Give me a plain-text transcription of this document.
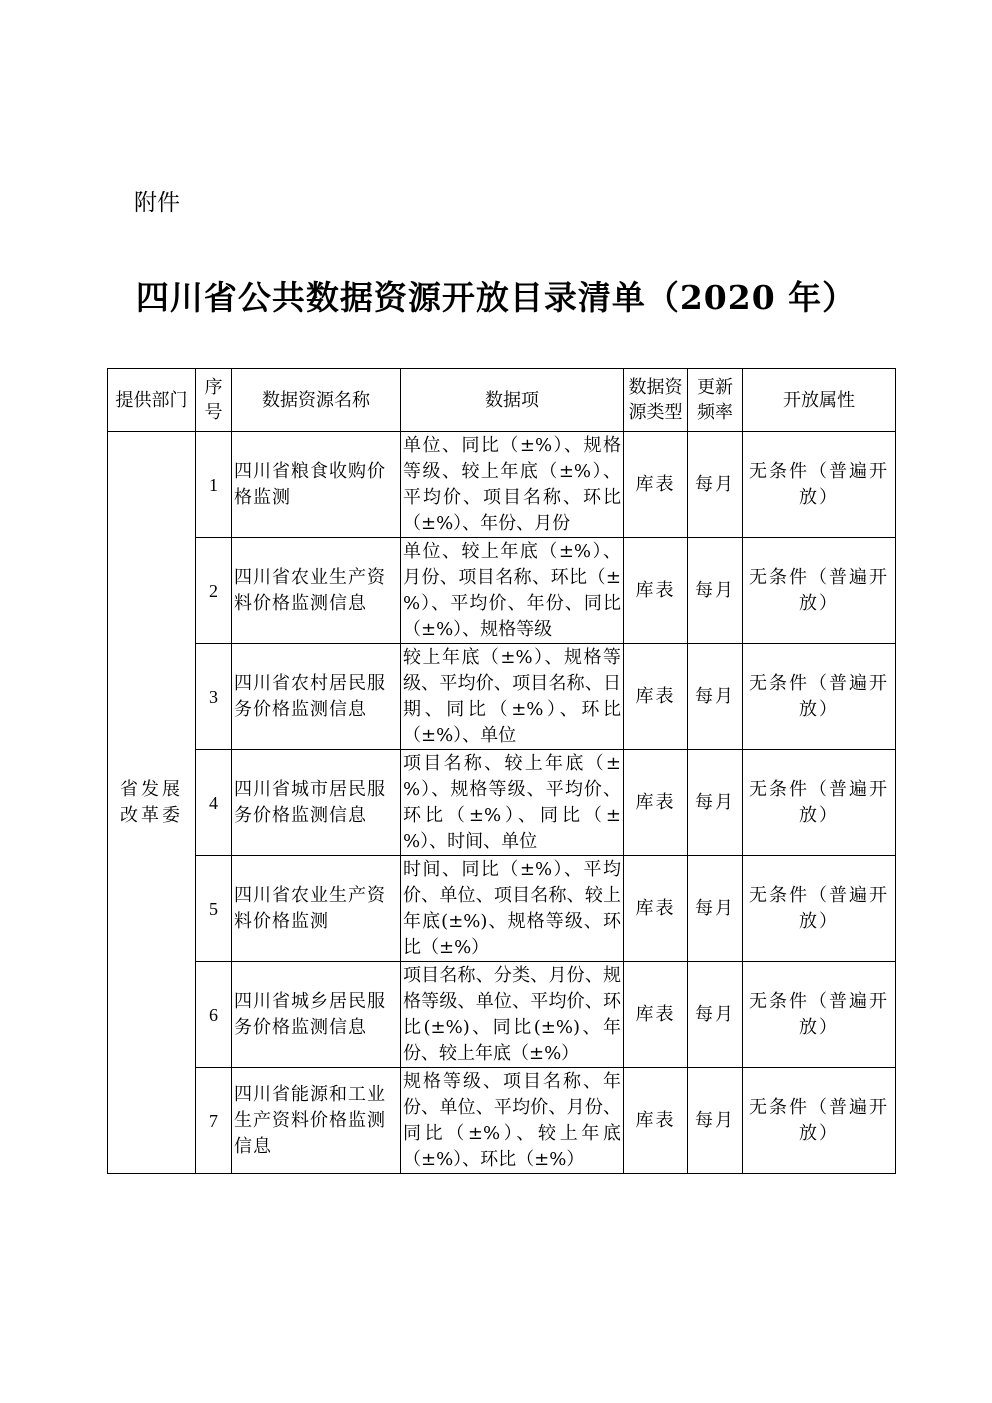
附件
四川省公共数据资源开放目录清单（2020 年）
提供部门	序号	数据资源名称	数据项	数据资源类型	更新频率	开放属性
省发展改革委	1	四川省粮食收购价格监测	单位、同比（±%）、规格等级、较上年底（±%）、平均价、项目名称、环比（±%）、年份、月份	库表	每月	无条件（普遍开放）
	2	四川省农业生产资料价格监测信息	单位、较上年底（±%）、月份、项目名称、环比（±%）、平均价、年份、同比（±%）、规格等级	库表	每月	无条件（普遍开放）
	3	四川省农村居民服务价格监测信息	较上年底（±%）、规格等级、平均价、项目名称、日期、同比（±%）、环比（±%）、单位	库表	每月	无条件（普遍开放）
	4	四川省城市居民服务价格监测信息	项目名称、较上年底（±%）、规格等级、平均价、环比（±%）、同比（±%）、时间、单位	库表	每月	无条件（普遍开放）
	5	四川省农业生产资料价格监测	时间、同比（±%）、平均价、单位、项目名称、较上年底(±%)、规格等级、环比（±%）	库表	每月	无条件（普遍开放）
	6	四川省城乡居民服务价格监测信息	项目名称、分类、月份、规格等级、单位、平均价、环比(±%)、同比(±%)、年份、较上年底（±%）	库表	每月	无条件（普遍开放）
	7	四川省能源和工业生产资料价格监测信息	规格等级、项目名称、年份、单位、平均价、月份、同比（±%）、较上年底（±%）、环比（±%）	库表	每月	无条件（普遍开放）
